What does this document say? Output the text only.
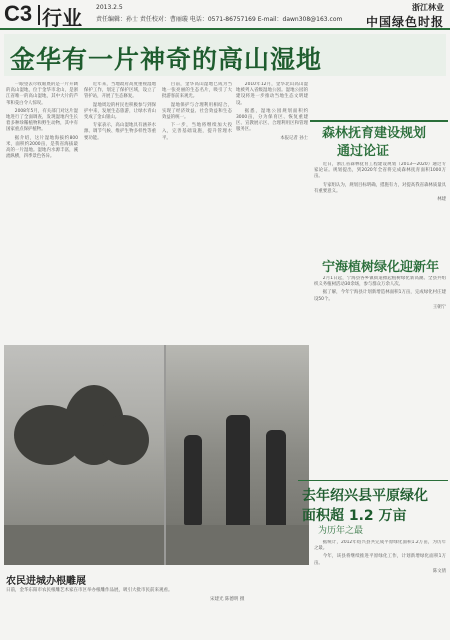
C3 行业 2013.2.5
责任编辑：孙士 责任校对：曹丽璇 电话：0571-86757169 E-mail：dawn308@163.com
浙江林业
中国绿色时报
金华有一片神奇的高山湿地

一眼望去尽收眼底的是一片开阔的高山湿地，位于金华市北山，是浙江省唯一的高山湿地，其中大片的芦苇和茭白令人惊叹。

2008年5月，有关部门对这片湿地进行了全面调查，发现湿地内生长着多种珍稀植物和野生动物，其中有国家重点保护植物。

据介绍，这片湿地海拔约800米，面积约2000亩，是我省海拔最高的一片湿地。湿地内水源丰富，溪流纵横，四季景色各异。

近年来，当地政府高度重视湿地保护工作，划定了保护区域，设立了管护站，开展了生态修复。

湿地周边的村民也积极参与到保护中来，发展生态旅游，让绿水青山变成了金山银山。

专家表示，高山湿地具有涵养水源、调节气候、维护生物多样性等重要功能。

目前，金华高山湿地已成为当地一张亮丽的生态名片，吸引了大批游客前来观光。

湿地保护与合理利用相结合，实现了经济效益、社会效益和生态效益的统一。

下一步，当地将继续加大投入，完善基础设施，提升管理水平。

2010年12月，金华北山高山湿地被列入省级湿地公园。湿地公园的建设将进一步推动当地生态文明建设。

据悉，湿地公园规划面积约3000亩，分为保育区、恢复重建区、宣教展示区、合理利用区和管理服务区。

本报记者 孙士 森林抚育建设规划
通过论证

近日，浙江省森林抚育工程建设规划（2013—2020）通过专家论证。规划提出，到2020年全省将完成森林抚育面积1000万亩。

专家组认为，规划目标明确，措施有力，对提高我省森林质量具有重要意义。

林建

宁海植树绿化迎新年

2月1日起，宁海县各乡镇街道掀起植树绿化新高潮。全县共组织义务植树活动30余场，参与群众万余人次。

据了解，今年宁海县计划新增造林面积1万亩，完成绿化村庄建设50个。

王朝宁

农民进城办根雕展
日前，金华东阳市农民根雕艺术家在市区举办根雕作品展，吸引大批市民前来观看。
宋建光 陈德明 摄
去年绍兴县平原绿化
面积超 1.2 万亩
为历年之最

据统计，2012年绍兴县共完成平原绿化面积1.2万亩，为历年之最。

今年，该县将继续推进平原绿化工作，计划新增绿化面积1万亩。

陈文倩
